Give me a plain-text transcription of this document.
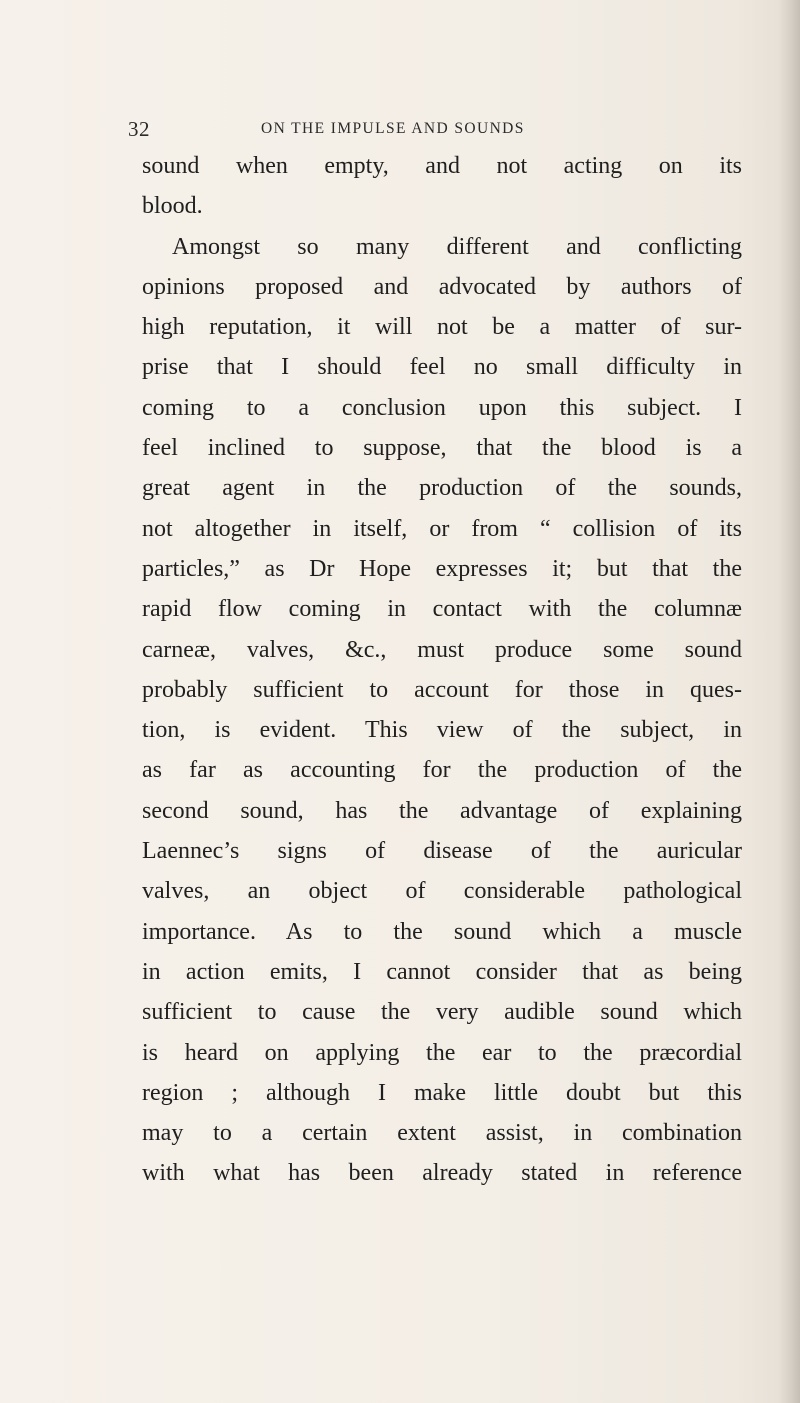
32	ON THE IMPULSE AND SOUNDS
sound when empty, and not acting on its
blood.
Amongst so many different and conflicting
opinions proposed and advocated by authors of
high reputation, it will not be a matter of sur-
prise that I should feel no small difficulty in
coming to a conclusion upon this subject. I
feel inclined to suppose, that the blood is a
great agent in the production of the sounds,
not altogether in itself, or from “ collision of its
particles,” as Dr Hope expresses it; but that the
rapid flow coming in contact with the columnæ
carneæ, valves, &c., must produce some sound
probably sufficient to account for those in ques-
tion, is evident. This view of the subject, in
as far as accounting for the production of the
second sound, has the advantage of explaining
Laennec’s signs of disease of the auricular
valves, an object of considerable pathological
importance. As to the sound which a muscle
in action emits, I cannot consider that as being
sufficient to cause the very audible sound which
is heard on applying the ear to the præcordial
region ; although I make little doubt but this
may to a certain extent assist, in combination
with what has been already stated in reference
